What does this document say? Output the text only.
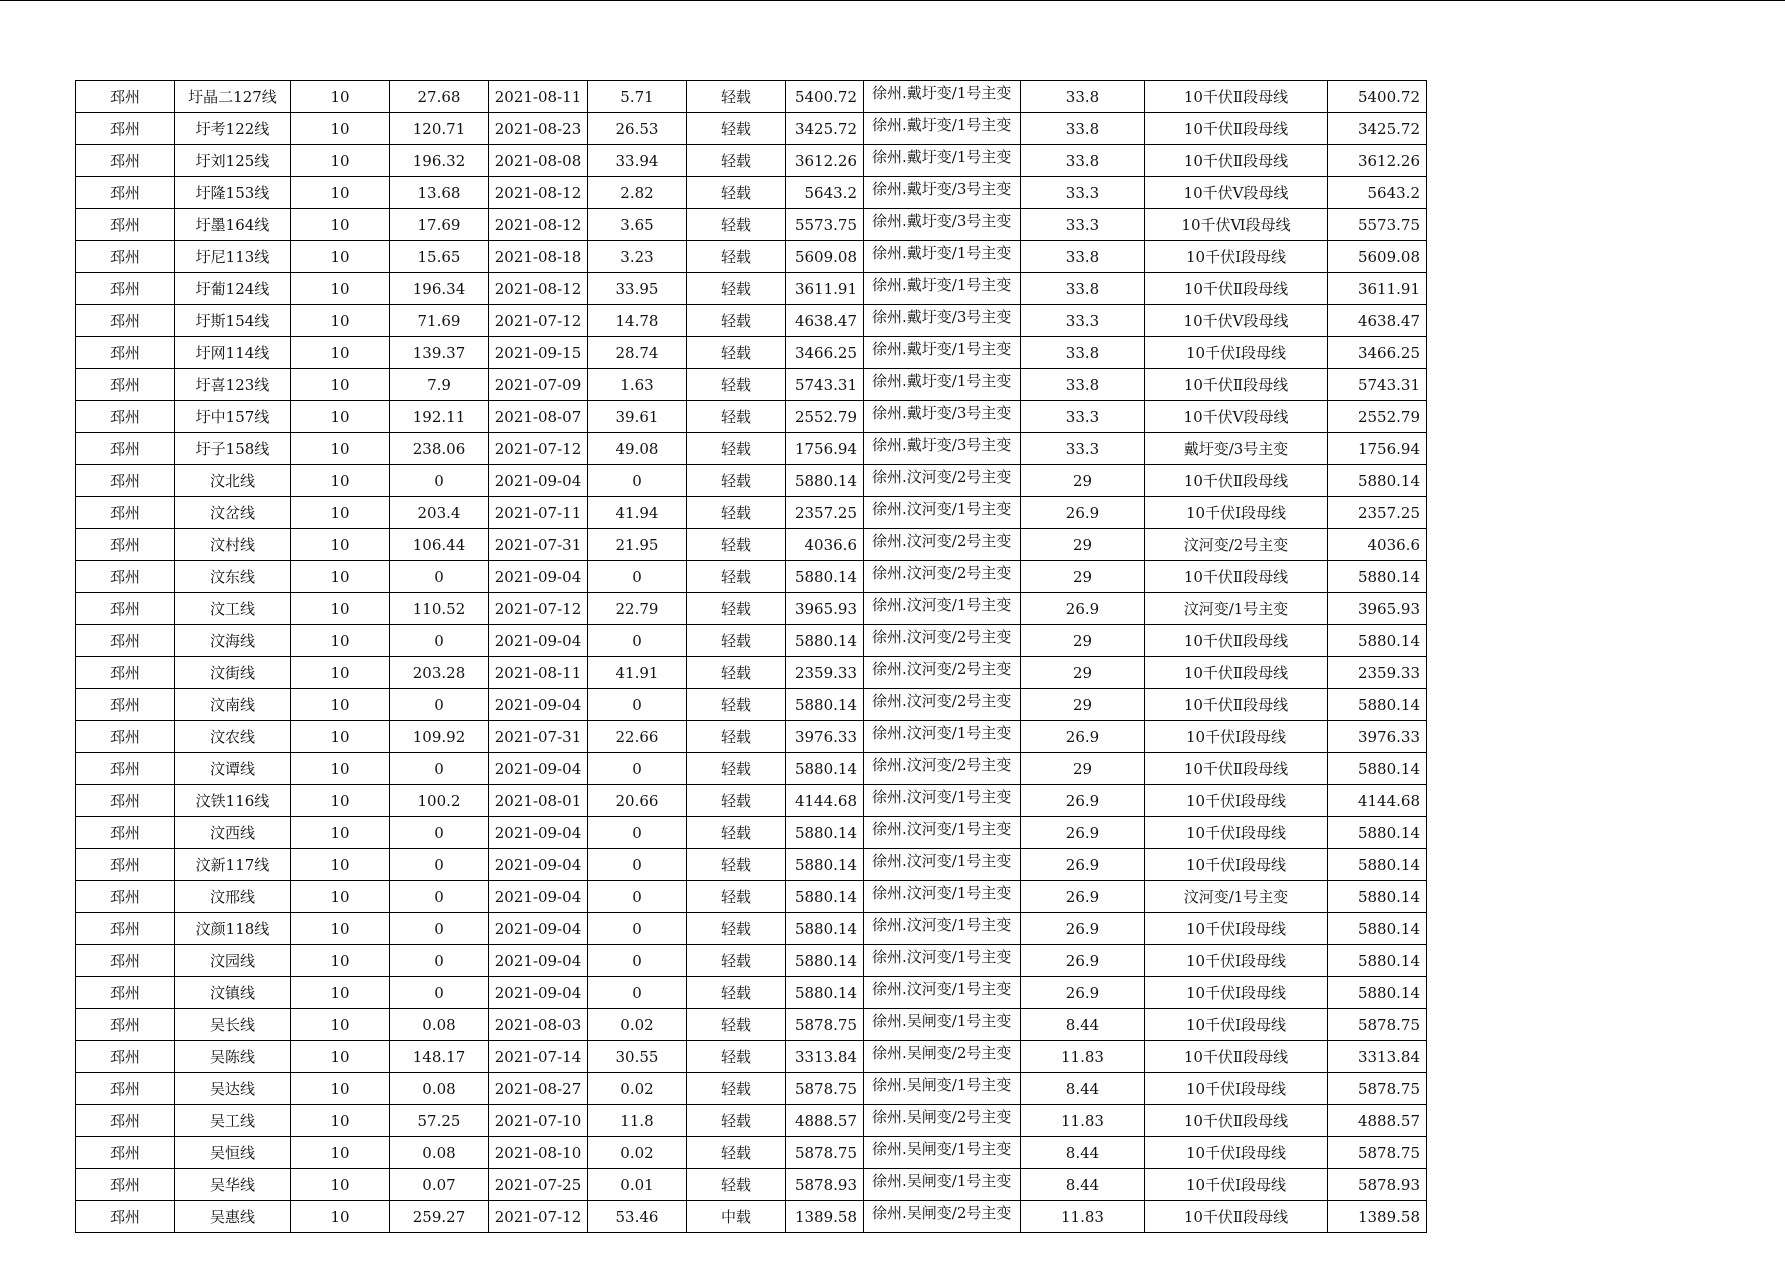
邳州	圩晶二127线	10	27.68	2021-08-11	5.71	轻载	5400.72	徐州.戴圩变/1号主变	33.8	10千伏Ⅱ段母线	5400.72
邳州	圩考122线	10	120.71	2021-08-23	26.53	轻载	3425.72	徐州.戴圩变/1号主变	33.8	10千伏Ⅱ段母线	3425.72
邳州	圩刘125线	10	196.32	2021-08-08	33.94	轻载	3612.26	徐州.戴圩变/1号主变	33.8	10千伏Ⅱ段母线	3612.26
邳州	圩隆153线	10	13.68	2021-08-12	2.82	轻载	5643.2	徐州.戴圩变/3号主变	33.3	10千伏Ⅴ段母线	5643.2
邳州	圩墨164线	10	17.69	2021-08-12	3.65	轻载	5573.75	徐州.戴圩变/3号主变	33.3	10千伏Ⅵ段母线	5573.75
邳州	圩尼113线	10	15.65	2021-08-18	3.23	轻载	5609.08	徐州.戴圩变/1号主变	33.8	10千伏Ⅰ段母线	5609.08
邳州	圩葡124线	10	196.34	2021-08-12	33.95	轻载	3611.91	徐州.戴圩变/1号主变	33.8	10千伏Ⅱ段母线	3611.91
邳州	圩斯154线	10	71.69	2021-07-12	14.78	轻载	4638.47	徐州.戴圩变/3号主变	33.3	10千伏Ⅴ段母线	4638.47
邳州	圩网114线	10	139.37	2021-09-15	28.74	轻载	3466.25	徐州.戴圩变/1号主变	33.8	10千伏Ⅰ段母线	3466.25
邳州	圩喜123线	10	7.9	2021-07-09	1.63	轻载	5743.31	徐州.戴圩变/1号主变	33.8	10千伏Ⅱ段母线	5743.31
邳州	圩中157线	10	192.11	2021-08-07	39.61	轻载	2552.79	徐州.戴圩变/3号主变	33.3	10千伏Ⅴ段母线	2552.79
邳州	圩子158线	10	238.06	2021-07-12	49.08	轻载	1756.94	徐州.戴圩变/3号主变	33.3	戴圩变/3号主变	1756.94
邳州	汶北线	10	0	2021-09-04	0	轻载	5880.14	徐州.汶河变/2号主变	29	10千伏Ⅱ段母线	5880.14
邳州	汶岔线	10	203.4	2021-07-11	41.94	轻载	2357.25	徐州.汶河变/1号主变	26.9	10千伏Ⅰ段母线	2357.25
邳州	汶村线	10	106.44	2021-07-31	21.95	轻载	4036.6	徐州.汶河变/2号主变	29	汶河变/2号主变	4036.6
邳州	汶东线	10	0	2021-09-04	0	轻载	5880.14	徐州.汶河变/2号主变	29	10千伏Ⅱ段母线	5880.14
邳州	汶工线	10	110.52	2021-07-12	22.79	轻载	3965.93	徐州.汶河变/1号主变	26.9	汶河变/1号主变	3965.93
邳州	汶海线	10	0	2021-09-04	0	轻载	5880.14	徐州.汶河变/2号主变	29	10千伏Ⅱ段母线	5880.14
邳州	汶街线	10	203.28	2021-08-11	41.91	轻载	2359.33	徐州.汶河变/2号主变	29	10千伏Ⅱ段母线	2359.33
邳州	汶南线	10	0	2021-09-04	0	轻载	5880.14	徐州.汶河变/2号主变	29	10千伏Ⅱ段母线	5880.14
邳州	汶农线	10	109.92	2021-07-31	22.66	轻载	3976.33	徐州.汶河变/1号主变	26.9	10千伏Ⅰ段母线	3976.33
邳州	汶谭线	10	0	2021-09-04	0	轻载	5880.14	徐州.汶河变/2号主变	29	10千伏Ⅱ段母线	5880.14
邳州	汶铁116线	10	100.2	2021-08-01	20.66	轻载	4144.68	徐州.汶河变/1号主变	26.9	10千伏Ⅰ段母线	4144.68
邳州	汶西线	10	0	2021-09-04	0	轻载	5880.14	徐州.汶河变/1号主变	26.9	10千伏Ⅰ段母线	5880.14
邳州	汶新117线	10	0	2021-09-04	0	轻载	5880.14	徐州.汶河变/1号主变	26.9	10千伏Ⅰ段母线	5880.14
邳州	汶邢线	10	0	2021-09-04	0	轻载	5880.14	徐州.汶河变/1号主变	26.9	汶河变/1号主变	5880.14
邳州	汶颜118线	10	0	2021-09-04	0	轻载	5880.14	徐州.汶河变/1号主变	26.9	10千伏Ⅰ段母线	5880.14
邳州	汶园线	10	0	2021-09-04	0	轻载	5880.14	徐州.汶河变/1号主变	26.9	10千伏Ⅰ段母线	5880.14
邳州	汶镇线	10	0	2021-09-04	0	轻载	5880.14	徐州.汶河变/1号主变	26.9	10千伏Ⅰ段母线	5880.14
邳州	吴长线	10	0.08	2021-08-03	0.02	轻载	5878.75	徐州.吴闸变/1号主变	8.44	10千伏Ⅰ段母线	5878.75
邳州	吴陈线	10	148.17	2021-07-14	30.55	轻载	3313.84	徐州.吴闸变/2号主变	11.83	10千伏Ⅱ段母线	3313.84
邳州	吴达线	10	0.08	2021-08-27	0.02	轻载	5878.75	徐州.吴闸变/1号主变	8.44	10千伏Ⅰ段母线	5878.75
邳州	吴工线	10	57.25	2021-07-10	11.8	轻载	4888.57	徐州.吴闸变/2号主变	11.83	10千伏Ⅱ段母线	4888.57
邳州	吴恒线	10	0.08	2021-08-10	0.02	轻载	5878.75	徐州.吴闸变/1号主变	8.44	10千伏Ⅰ段母线	5878.75
邳州	吴华线	10	0.07	2021-07-25	0.01	轻载	5878.93	徐州.吴闸变/1号主变	8.44	10千伏Ⅰ段母线	5878.93
邳州	吴惠线	10	259.27	2021-07-12	53.46	中载	1389.58	徐州.吴闸变/2号主变	11.83	10千伏Ⅱ段母线	1389.58
